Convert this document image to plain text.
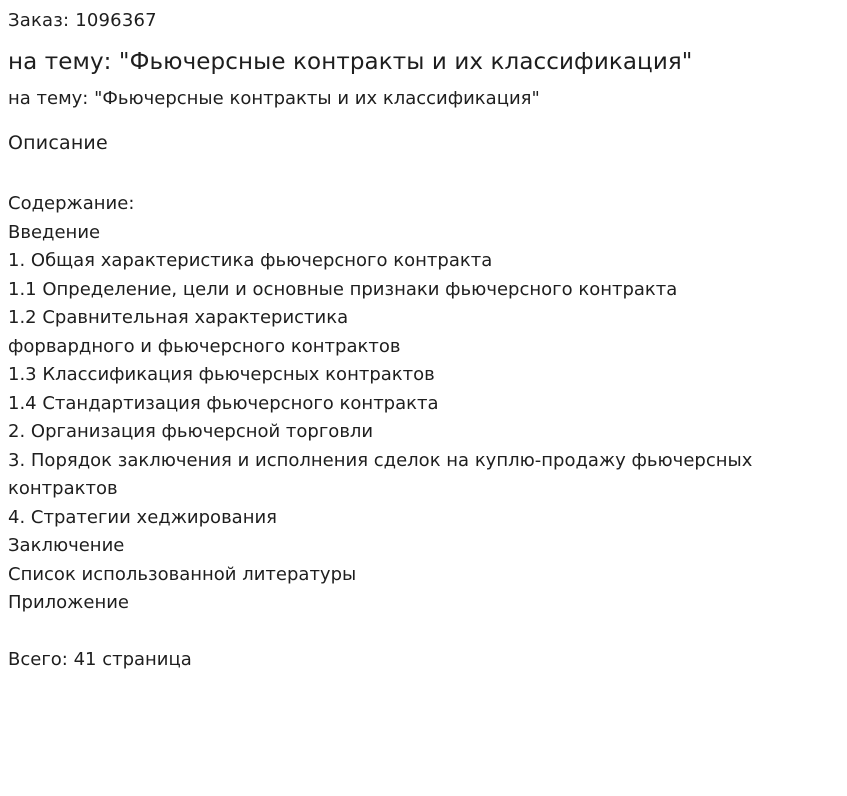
Заказ: 1096367
на тему: "Фьючерсные контракты и их классификация"
на тему: "Фьючерсные контракты и их классификация"
Описание
Содержание:
Введение
1. Общая характеристика фьючерсного контракта
1.1 Определение, цели и основные признаки фьючерсного контракта
1.2 Сравнительная характеристика
форвардного и фьючерсного контрактов
1.3 Классификация фьючерсных контрактов
1.4 Стандартизация фьючерсного контракта
2. Организация фьючерсной торговли
3. Порядок заключения и исполнения сделок на куплю-продажу фьючерсных контрактов
4. Стратегии хеджирования
Заключение
Список использованной литературы
Приложение
Всего: 41 страница
